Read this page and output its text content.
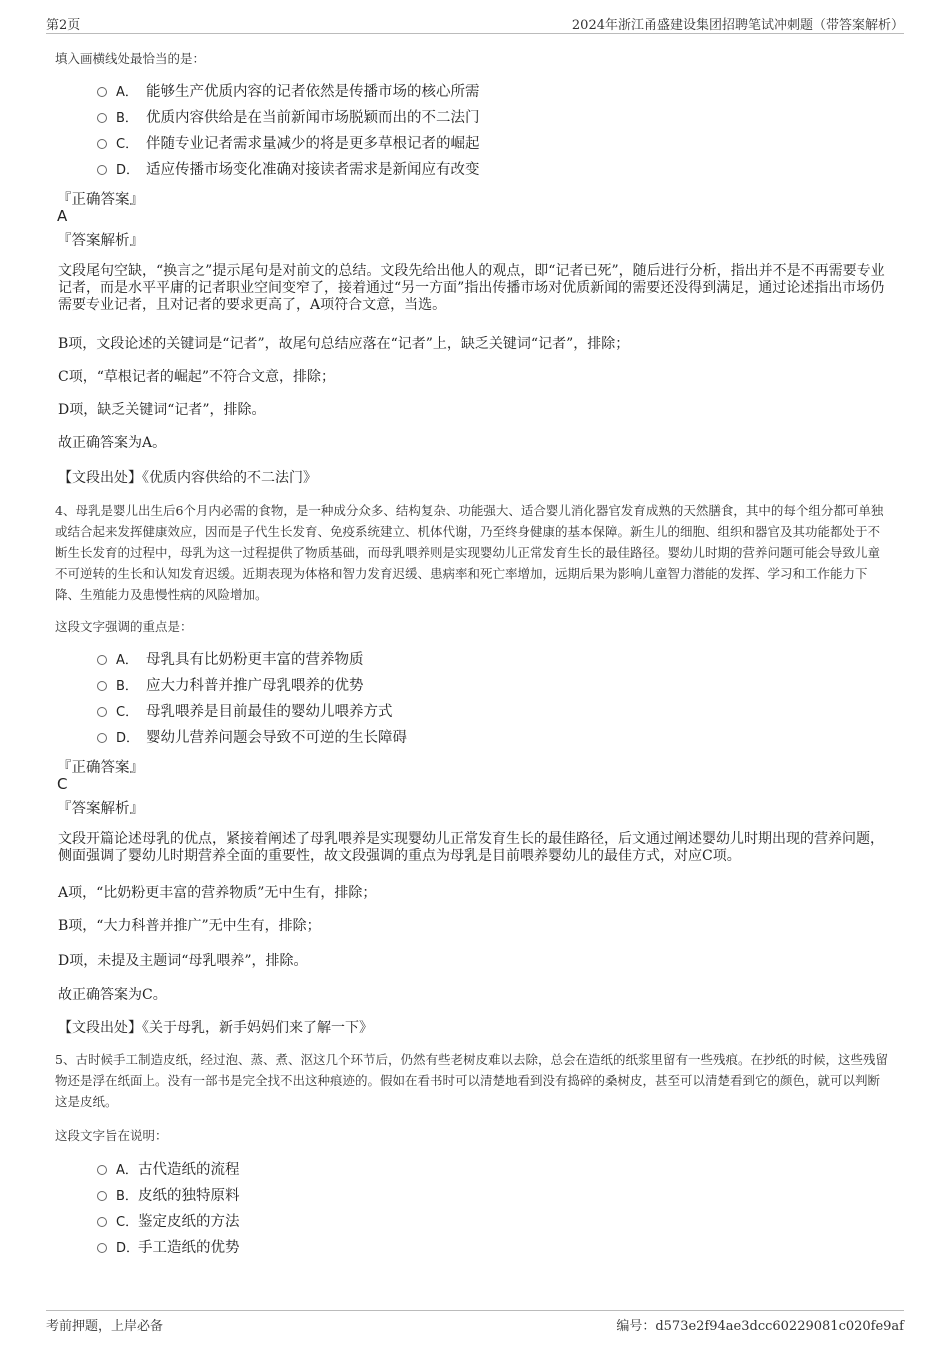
第2页	2024年浙江甬盛建设集团招聘笔试冲刺题（带答案解析）
填入画横线处最恰当的是：
A． 能够生产优质内容的记者依然是传播市场的核心所需
B． 优质内容供给是在当前新闻市场脱颖而出的不二法门
C． 伴随专业记者需求量减少的将是更多草根记者的崛起
D． 适应传播市场变化准确对接读者需求是新闻应有改变
『正确答案』
A
『答案解析』
文段尾句空缺，“换言之”提示尾句是对前文的总结。文段先给出他人的观点，即“记者已死”，随后进行分析，指出并不是不再需要专业记者，而是水平平庸的记者职业空间变窄了，接着通过“另一方面”指出传播市场对优质新闻的需要还没得到满足，通过论述指出市场仍需要专业记者，且对记者的要求更高了，A项符合文意，当选。
B项，文段论述的关键词是“记者”，故尾句总结应落在“记者”上，缺乏关键词“记者”，排除；
C项，“草根记者的崛起”不符合文意，排除；
D项，缺乏关键词“记者”，排除。
故正确答案为A。
【文段出处】《优质内容供给的不二法门》
4、母乳是婴儿出生后6个月内必需的食物，是一种成分众多、结构复杂、功能强大、适合婴儿消化器官发育成熟的天然膳食，其中的每个组分都可单独或结合起来发挥健康效应，因而是子代生长发育、免疫系统建立、机体代谢，乃至终身健康的基本保障。新生儿的细胞、组织和器官及其功能都处于不断生长发育的过程中，母乳为这一过程提供了物质基础，而母乳喂养则是实现婴幼儿正常发育生长的最佳路径。婴幼儿时期的营养问题可能会导致儿童不可逆转的生长和认知发育迟缓。近期表现为体格和智力发育迟缓、患病率和死亡率增加，远期后果为影响儿童智力潜能的发挥、学习和工作能力下降、生殖能力及患慢性病的风险增加。
这段文字强调的重点是：
A． 母乳具有比奶粉更丰富的营养物质
B． 应大力科普并推广母乳喂养的优势
C． 母乳喂养是目前最佳的婴幼儿喂养方式
D． 婴幼儿营养问题会导致不可逆的生长障碍
『正确答案』
C
『答案解析』
文段开篇论述母乳的优点，紧接着阐述了母乳喂养是实现婴幼儿正常发育生长的最佳路径，后文通过阐述婴幼儿时期出现的营养问题，侧面强调了婴幼儿时期营养全面的重要性，故文段强调的重点为母乳是目前喂养婴幼儿的最佳方式，对应C项。
A项，“比奶粉更丰富的营养物质”无中生有，排除；
B项，“大力科普并推广”无中生有，排除；
D项，未提及主题词“母乳喂养”，排除。
故正确答案为C。
【文段出处】《关于母乳，新手妈妈们来了解一下》
5、古时候手工制造皮纸，经过泡、蒸、煮、沤这几个环节后，仍然有些老树皮难以去除，总会在造纸的纸浆里留有一些残痕。在抄纸的时候，这些残留物还是浮在纸面上。没有一部书是完全找不出这种痕迹的。假如在看书时可以清楚地看到没有捣碎的桑树皮，甚至可以清楚看到它的颜色，就可以判断这是皮纸。
这段文字旨在说明：
A．古代造纸的流程
B．皮纸的独特原料
C．鉴定皮纸的方法
D．手工造纸的优势
考前押题，上岸必备	编号：d573e2f94ae3dcc60229081c020fe9af
